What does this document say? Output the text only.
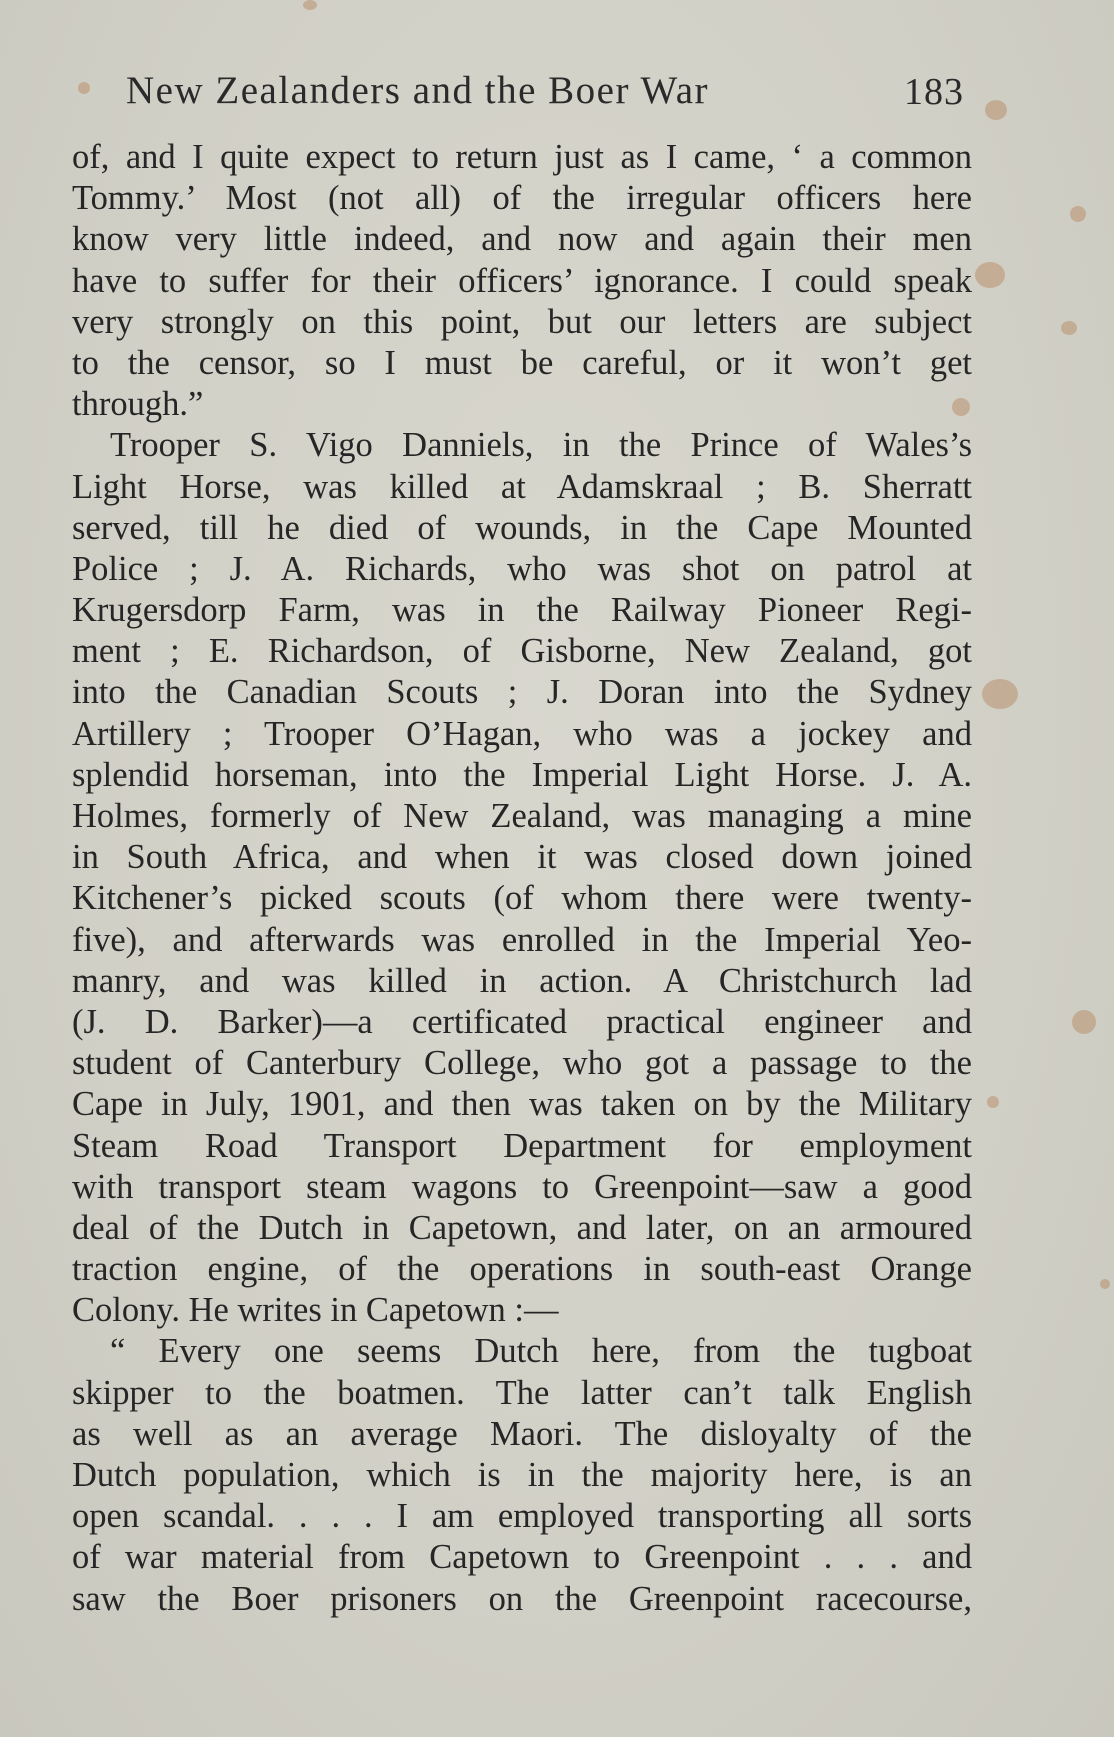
New Zealanders and the Boer War	183
of, and I quite expect to return just as I came, ‘ a common
Tommy.’ Most (not all) of the irregular officers here
know very little indeed, and now and again their men
have to suffer for their officers’ ignorance. I could speak
very strongly on this point, but our letters are subject
to the censor, so I must be careful, or it won’t get
through.”
Trooper S. Vigo Danniels, in the Prince of Wales’s
Light Horse, was killed at Adamskraal ; B. Sherratt
served, till he died of wounds, in the Cape Mounted
Police ; J. A. Richards, who was shot on patrol at
Krugersdorp Farm, was in the Railway Pioneer Regi-
ment ; E. Richardson, of Gisborne, New Zealand, got
into the Canadian Scouts ; J. Doran into the Sydney
Artillery ; Trooper O’Hagan, who was a jockey and
splendid horseman, into the Imperial Light Horse. J. A.
Holmes, formerly of New Zealand, was managing a mine
in South Africa, and when it was closed down joined
Kitchener’s picked scouts (of whom there were twenty-
five), and afterwards was enrolled in the Imperial Yeo-
manry, and was killed in action. A Christchurch lad
(J. D. Barker)—a certificated practical engineer and
student of Canterbury College, who got a passage to the
Cape in July, 1901, and then was taken on by the Military
Steam Road Transport Department for employment
with transport steam wagons to Greenpoint—saw a good
deal of the Dutch in Capetown, and later, on an armoured
traction engine, of the operations in south-east Orange
Colony. He writes in Capetown :—
“ Every one seems Dutch here, from the tugboat
skipper to the boatmen. The latter can’t talk English
as well as an average Maori. The disloyalty of the
Dutch population, which is in the majority here, is an
open scandal. . . . I am employed transporting all sorts
of war material from Capetown to Greenpoint . . . and
saw the Boer prisoners on the Greenpoint racecourse,
